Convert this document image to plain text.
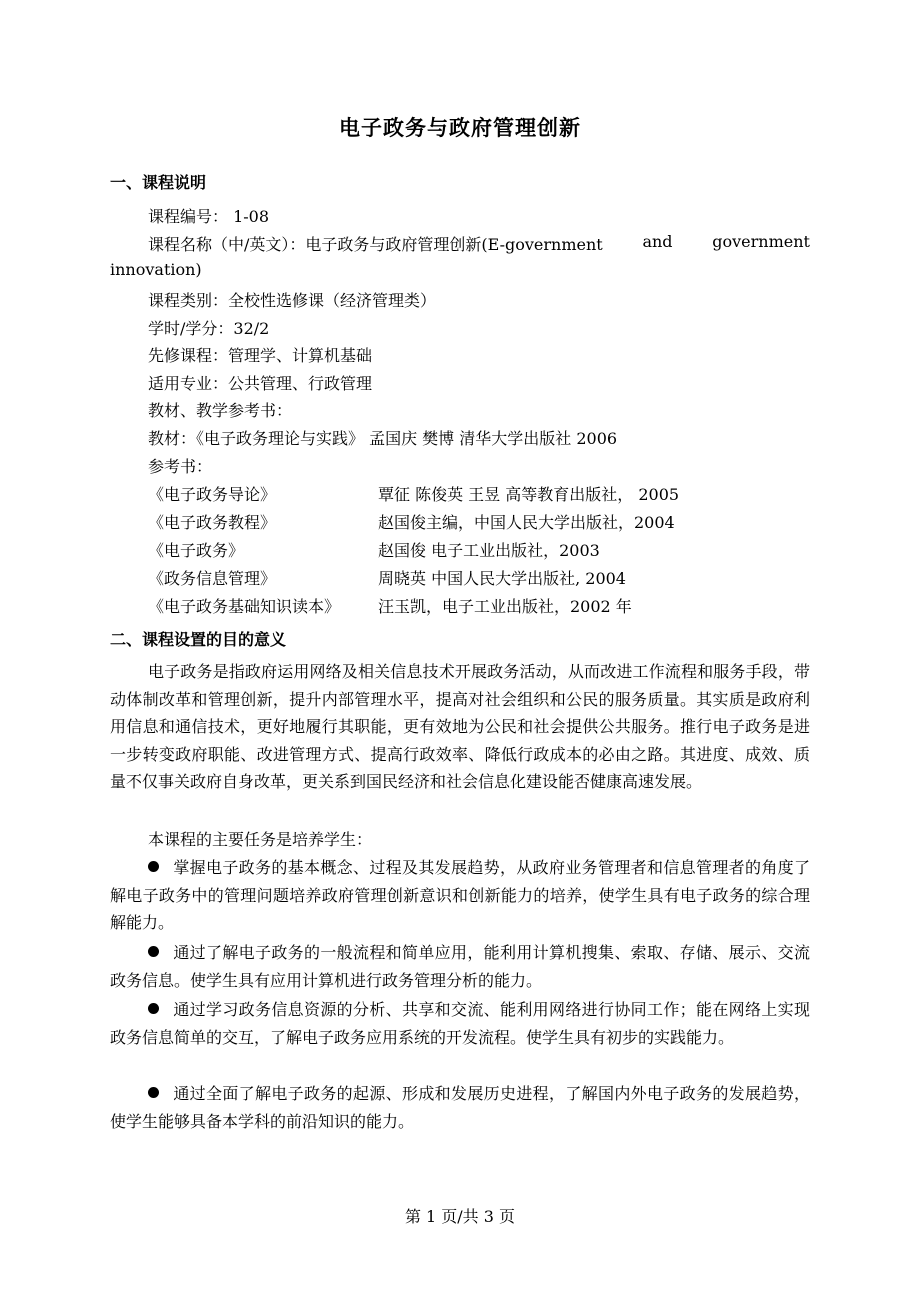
电子政务与政府管理创新
一、课程说明
课程编号： 1-08
课程名称（中/英文）：电子政务与政府管理创新(E-government and government
innovation)
课程类别：全校性选修课（经济管理类）
学时/学分：32/2
先修课程：管理学、计算机基础
适用专业：公共管理、行政管理
教材、教学参考书：
教材：《电子政务理论与实践》 孟国庆 樊博 清华大学出版社 2006
参考书：
《电子政务导论》	覃征 陈俊英 王昱 高等教育出版社， 2005
《电子政务教程》	赵国俊主编，中国人民大学出版社，2004
《电子政务》	赵国俊 电子工业出版社，2003
《政务信息管理》	周晓英 中国人民大学出版社, 2004
《电子政务基础知识读本》 汪玉凯，电子工业出版社，2002 年
二、课程设置的目的意义

电子政务是指政府运用网络及相关信息技术开展政务活动，从而改进工作流程和服务手段，带动体制改革和管理创新，提升内部管理水平，提高对社会组织和公民的服务质量。其实质是政府利用信息和通信技术，更好地履行其职能，更有效地为公民和社会提供公共服务。推行电子政务是进一步转变政府职能、改进管理方式、提高行政效率、降低行政成本的必由之路。其进度、成效、质量不仅事关政府自身改革，更关系到国民经济和社会信息化建设能否健康高速发展。

本课程的主要任务是培养学生：

掌握电子政务的基本概念、过程及其发展趋势，从政府业务管理者和信息管理者的角度了解电子政务中的管理问题培养政府管理创新意识和创新能力的培养，使学生具有电子政务的综合理解能力。

通过了解电子政务的一般流程和简单应用，能利用计算机搜集、索取、存储、展示、交流政务信息。使学生具有应用计算机进行政务管理分析的能力。

通过学习政务信息资源的分析、共享和交流、能利用网络进行协同工作；能在网络上实现政务信息简单的交互，了解电子政务应用系统的开发流程。使学生具有初步的实践能力。

通过全面了解电子政务的起源、形成和发展历史进程，了解国内外电子政务的发展趋势，使学生能够具备本学科的前沿知识的能力。

第 1 页/共 3 页
